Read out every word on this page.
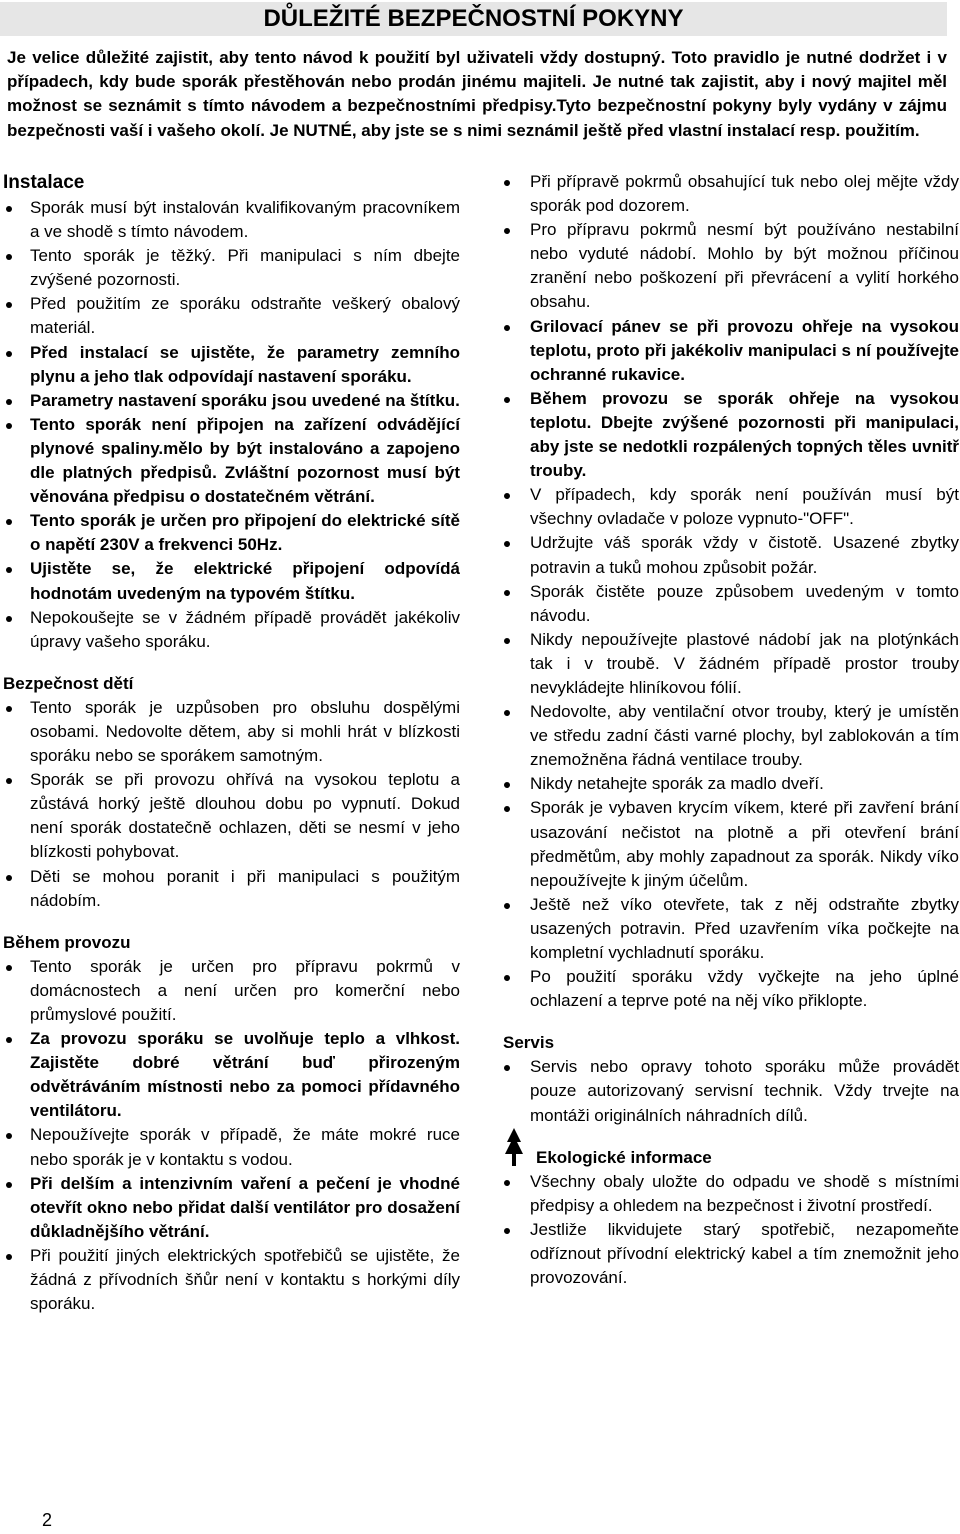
DŮLEŽITÉ BEZPEČNOSTNÍ POKYNY
Je velice důležité zajistit, aby tento návod k použití byl uživateli vždy dostupný. Toto pravidlo je nutné dodržet i v případech, kdy bude sporák přestěhován nebo prodán jinému majiteli. Je nutné tak zajistit, aby i nový majitel měl možnost se seznámit s tímto návodem a bezpečnostními předpisy.Tyto bezpečnostní pokyny byly vydány v zájmu bezpečnosti vaší i vašeho okolí. Je NUTNÉ, aby jste se s nimi seznámil ještě před vlastní instalací resp. použitím.
Instalace
Sporák musí být instalován kvalifikovaným pracovníkem a ve shodě s tímto návodem.
Tento sporák je těžký. Při manipulaci s ním dbejte zvýšené pozornosti.
Před použitím ze sporáku odstraňte veškerý obalový materiál.
Před instalací se ujistěte, že parametry zemního plynu a jeho tlak odpovídají nastavení sporáku.
Parametry nastavení sporáku jsou uvedené na štítku.
Tento sporák není připojen na zařízení odvádějící plynové spaliny.mělo by být instalováno a zapojeno dle platných předpisů. Zvláštní pozornost musí být věnována předpisu o dostatečném větrání.
Tento sporák je určen pro připojení do elektrické sítě o napětí 230V a frekvenci 50Hz.
Ujistěte se, že elektrické připojení odpovídá hodnotám uvedeným na typovém štítku.
Nepokoušejte se v žádném případě provádět jakékoliv úpravy vašeho sporáku.
Bezpečnost dětí
Tento sporák je uzpůsoben pro obsluhu dospělými osobami. Nedovolte dětem, aby si mohli hrát v blízkosti sporáku nebo se sporákem samotným.
Sporák se při provozu ohřívá na vysokou teplotu a zůstává horký ještě dlouhou dobu po vypnutí. Dokud není sporák dostatečně ochlazen, děti se nesmí v jeho blízkosti pohybovat.
Děti se mohou poranit i při manipulaci s použitým nádobím.
Během provozu
Tento sporák je určen pro přípravu pokrmů v domácnostech a není určen pro komerční nebo průmyslové použití.
Za provozu sporáku se uvolňuje teplo a vlhkost. Zajistěte dobré větrání buď přirozeným odvětráváním místnosti nebo za pomoci přídavného ventilátoru.
Nepoužívejte sporák v případě, že máte mokré ruce nebo sporák je v kontaktu s vodou.
Při delším a intenzivním vaření a pečení je vhodné otevřít okno nebo přidat další ventilátor pro dosažení důkladnějšího větrání.
Při použití jiných elektrických spotřebičů se ujistěte, že žádná z přívodních šňůr není v kontaktu s horkými díly sporáku.
Při přípravě pokrmů obsahující tuk nebo olej mějte vždy sporák pod dozorem.
Pro přípravu pokrmů nesmí být používáno nestabilní nebo vyduté nádobí. Mohlo by být možnou příčinou zranění nebo poškození při převrácení a vylití horkého obsahu.
Grilovací pánev se při provozu ohřeje na vysokou teplotu, proto při jakékoliv manipulaci s ní používejte ochranné rukavice.
Během provozu se sporák ohřeje na vysokou teplotu. Dbejte zvýšené pozornosti při manipulaci, aby jste se nedotkli rozpálených topných těles uvnitř trouby.
V případech, kdy sporák není používán musí být všechny ovladače v poloze vypnuto-"OFF".
Udržujte váš sporák vždy v čistotě. Usazené zbytky potravin a tuků mohou způsobit požár.
Sporák čistěte pouze způsobem uvedeným v tomto návodu.
Nikdy nepoužívejte plastové nádobí jak na plotýnkách tak i v troubě. V žádném případě prostor trouby nevykládejte hliníkovou fólií.
Nedovolte, aby ventilační otvor trouby, který je umístěn ve středu zadní části varné plochy, byl zablokován a tím znemožněna řádná ventilace trouby.
Nikdy netahejte sporák za madlo dveří.
Sporák je vybaven krycím víkem, které při zavření brání usazování nečistot na plotně a při otevření brání předmětům, aby mohly zapadnout za sporák. Nikdy víko nepoužívejte k jiným účelům.
Ještě než víko otevřete, tak z něj odstraňte zbytky usazených potravin. Před uzavřením víka počkejte na kompletní vychladnutí sporáku.
Po použití sporáku vždy vyčkejte na jeho úplné ochlazení a teprve poté na něj víko přiklopte.
Servis
Servis nebo opravy tohoto sporáku může provádět pouze autorizovaný servisní technik. Vždy trvejte na montáži originálních náhradních dílů.
Ekologické informace
Všechny obaly uložte do odpadu ve shodě s místními předpisy a ohledem na bezpečnost i životní prostředí.
Jestliže likvidujete starý spotřebič, nezapomeňte odříznout přívodní elektrický kabel a tím znemožnit jeho provozování.
2
